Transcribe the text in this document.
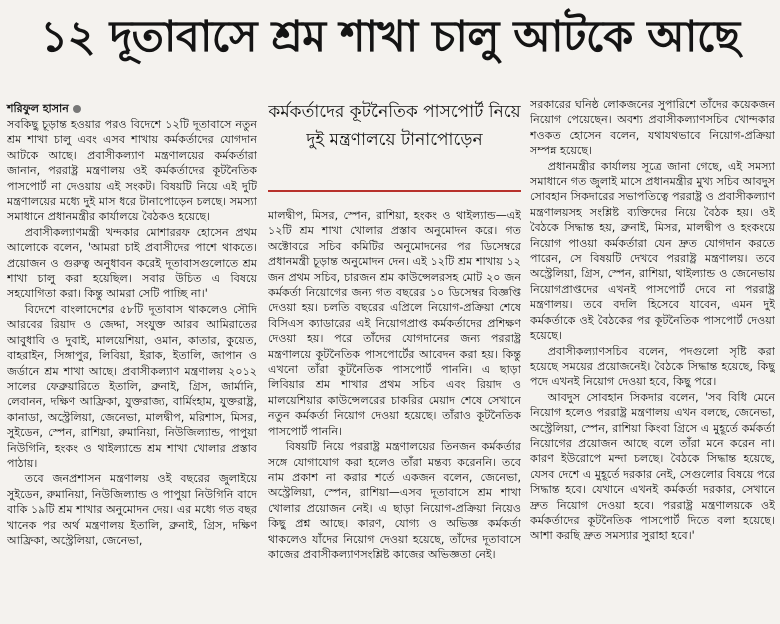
১২ দূতাবাসে শ্রম শাখা চালু আটকে আছে
শরিফুল হাসান

সবকিছু চূড়ান্ত হওয়ার পরও বিদেশে ১২টি দূতাবাসে নতুন শ্রম শাখা চালু এবং এসব শাখায় কর্মকর্তাদের যোগদান আটকে আছে। প্রবাসীকল্যাণ মন্ত্রণালয়ের কর্মকর্তারা জানান, পররাষ্ট্র মন্ত্রণালয় ওই কর্মকর্তাদের কূটনৈতিক পাসপোর্ট না দেওয়ায় এই সংকট। বিষয়টি নিয়ে এই দুটি মন্ত্রণালয়ের মধ্যে দুই মাস ধরে টানাপোড়েন চলছে। সমস্যা সমাধানে প্রধানমন্ত্রীর কার্যালয়ে বৈঠকও হয়েছে।

প্রবাসীকল্যাণমন্ত্রী খন্দকার মোশাররফ হোসেন প্রথম আলোকে বলেন, 'আমরা চাই প্রবাসীদের পাশে থাকতে। প্রয়োজন ও গুরুত্ব অনুধাবন করেই দূতাবাসগুলোতে শ্রম শাখা চালু করা হয়েছিল। সবার উচিত এ বিষয়ে সহযোগিতা করা। কিন্তু আমরা সেটি পাচ্ছি না।'

বিদেশে বাংলাদেশের ৫৮টি দূতাবাস থাকলেও সৌদি আরবের রিয়াদ ও জেদ্দা, সংযুক্ত আরব আমিরাতের আবুধাবি ও দুবাই, মালয়েশিয়া, ওমান, কাতার, কুয়েত, বাহরাইন, সিঙ্গাপুর, লিবিয়া, ইরাক, ইতালি, জাপান ও জর্ডানে শ্রম শাখা আছে। প্রবাসীকল্যাণ মন্ত্রণালয় ২০১২ সালের ফেব্রুয়ারিতে ইতালি, ব্রুনাই, গ্রিস, জার্মানি, লেবানন, দক্ষিণ আফ্রিকা, যুক্তরাজ্য, বার্মিংহাম, যুক্তরাষ্ট্র, কানাডা, অস্ট্রেলিয়া, জেনেভা, মালদ্বীপ, মরিশাস, মিসর, সুইডেন, স্পেন, রাশিয়া, রুমানিয়া, নিউজিল্যান্ড, পাপুয়া নিউগিনি, হংকং ও থাইল্যান্ডে শ্রম শাখা খোলার প্রস্তাব পাঠায়।

তবে জনপ্রশাসন মন্ত্রণালয় ওই বছরের জুলাইয়ে সুইডেন, রুমানিয়া, নিউজিল্যান্ড ও পাপুয়া নিউগিনি বাদে বাকি ১৯টি শ্রম শাখার অনুমোদন দেয়। এর মধ্যে গত বছর খানেক পর অর্থ মন্ত্রণালয় ইতালি, ব্রুনাই, গ্রিস, দক্ষিণ আফ্রিকা, অস্ট্রেলিয়া, জেনেভা,

কর্মকর্তাদের কূটনৈতিক পাসপোর্ট নিয়ে দুই মন্ত্রণালয়ে টানাপোড়েন

মালদ্বীপ, মিসর, স্পেন, রাশিয়া, হংকং ও থাইল্যান্ড—এই ১২টি শ্রম শাখা খোলার প্রস্তাব অনুমোদন করে। গত অক্টোবরে সচিব কমিটির অনুমোদনের পর ডিসেম্বরে প্রধানমন্ত্রী চূড়ান্ত অনুমোদন দেন। এই ১২টি শ্রম শাখায় ১২ জন প্রথম সচিব, চারজন শ্রম কাউন্সেলরসহ মোট ২০ জন কর্মকর্তা নিয়োগের জন্য গত বছরের ১০ ডিসেম্বর বিজ্ঞপ্তি দেওয়া হয়। চলতি বছরের এপ্রিলে নিয়োগ-প্রক্রিয়া শেষে বিসিএস ক্যাডারের এই নিয়োগপ্রাপ্ত কর্মকর্তাদের প্রশিক্ষণ দেওয়া হয়। পরে তাঁদের যোগদানের জন্য পররাষ্ট্র মন্ত্রণালয়ে কূটনৈতিক পাসপোর্টের আবেদন করা হয়। কিন্তু এখনো তাঁরা কূটনৈতিক পাসপোর্ট পাননি। এ ছাড়া লিবিয়ার শ্রম শাখার প্রথম সচিব এবং রিয়াদ ও মালয়েশিয়ার কাউন্সেলরের চাকরির মেয়াদ শেষে সেখানে নতুন কর্মকর্তা নিয়োগ দেওয়া হয়েছে। তাঁরাও কূটনৈতিক পাসপোর্ট পাননি।

বিষয়টি নিয়ে পররাষ্ট্র মন্ত্রণালয়ের তিনজন কর্মকর্তার সঙ্গে যোগাযোগ করা হলেও তাঁরা মন্তব্য করেননি। তবে নাম প্রকাশ না করার শর্তে একজন বলেন, জেনেভা, অস্ট্রেলিয়া, স্পেন, রাশিয়া—এসব দূতাবাসে শ্রম শাখা খোলার প্রয়োজন নেই। এ ছাড়া নিয়োগ-প্রক্রিয়া নিয়েও কিছু প্রশ্ন আছে। কারণ, যোগ্য ও অভিজ্ঞ কর্মকর্তা থাকলেও যাঁদের নিয়োগ দেওয়া হয়েছে, তাঁদের দূতাবাসে কাজের প্রবাসীকল্যাণসংশ্লিষ্ট কাজের অভিজ্ঞতা নেই।

সরকারের ঘনিষ্ঠ লোকজনের সুপারিশে তাঁদের কয়েকজন নিয়োগ পেয়েছেন। অবশ্য প্রবাসীকল্যাণসচিব খোন্দকার শওকত হোসেন বলেন, যথাযথভাবে নিয়োগ-প্রক্রিয়া সম্পন্ন হয়েছে।

প্রধানমন্ত্রীর কার্যালয় সূত্রে জানা গেছে, এই সমস্যা সমাধানে গত জুলাই মাসে প্রধানমন্ত্রীর মুখ্য সচিব আবদুস সোবহান সিকদারের সভাপতিত্বে পররাষ্ট্র ও প্রবাসীকল্যাণ মন্ত্রণালয়সহ সংশ্লিষ্ট ব্যক্তিদের নিয়ে বৈঠক হয়। ওই বৈঠকে সিদ্ধান্ত হয়, ব্রুনাই, মিসর, মালদ্বীপ ও হংকংয়ে নিয়োগ পাওয়া কর্মকর্তারা যেন দ্রুত যোগদান করতে পারেন, সে বিষয়টি দেখবে পররাষ্ট্র মন্ত্রণালয়। তবে অস্ট্রেলিয়া, গ্রিস, স্পেন, রাশিয়া, থাইল্যান্ড ও জেনেভায় নিয়োগপ্রাপ্তদের এখনই পাসপোর্ট দেবে না পররাষ্ট্র মন্ত্রণালয়। তবে বদলি হিসেবে যাবেন, এমন দুই কর্মকর্তাকে ওই বৈঠকের পর কূটনৈতিক পাসপোর্ট দেওয়া হয়েছে।

প্রবাসীকল্যাণসচিব বলেন, পদগুলো সৃষ্টি করা হয়েছে সময়ের প্রয়োজনেই। বৈঠকে সিদ্ধান্ত হয়েছে, কিছু পদে এখনই নিয়োগ দেওয়া হবে, কিছু পরে।

আবদুস সোবহান সিকদার বলেন, 'সব বিধি মেনে নিয়োগ হলেও পররাষ্ট্র মন্ত্রণালয় এখন বলছে, জেনেভা, অস্ট্রেলিয়া, স্পেন, রাশিয়া কিংবা গ্রিসে এ মুহূর্তে কর্মকর্তা নিয়োগের প্রয়োজন আছে বলে তাঁরা মনে করেন না। কারণ ইউরোপে মন্দা চলছে। বৈঠকে সিদ্ধান্ত হয়েছে, যেসব দেশে এ মুহূর্তে দরকার নেই, সেগুলোর বিষয়ে পরে সিদ্ধান্ত হবে। যেখানে এখনই কর্মকর্তা দরকার, সেখানে দ্রুত নিয়োগ দেওয়া হবে। পররাষ্ট্র মন্ত্রণালয়কে ওই কর্মকর্তাদের কূটনৈতিক পাসপোর্ট দিতে বলা হয়েছে। আশা করছি দ্রুত সমস্যার সুরাহা হবে।'
